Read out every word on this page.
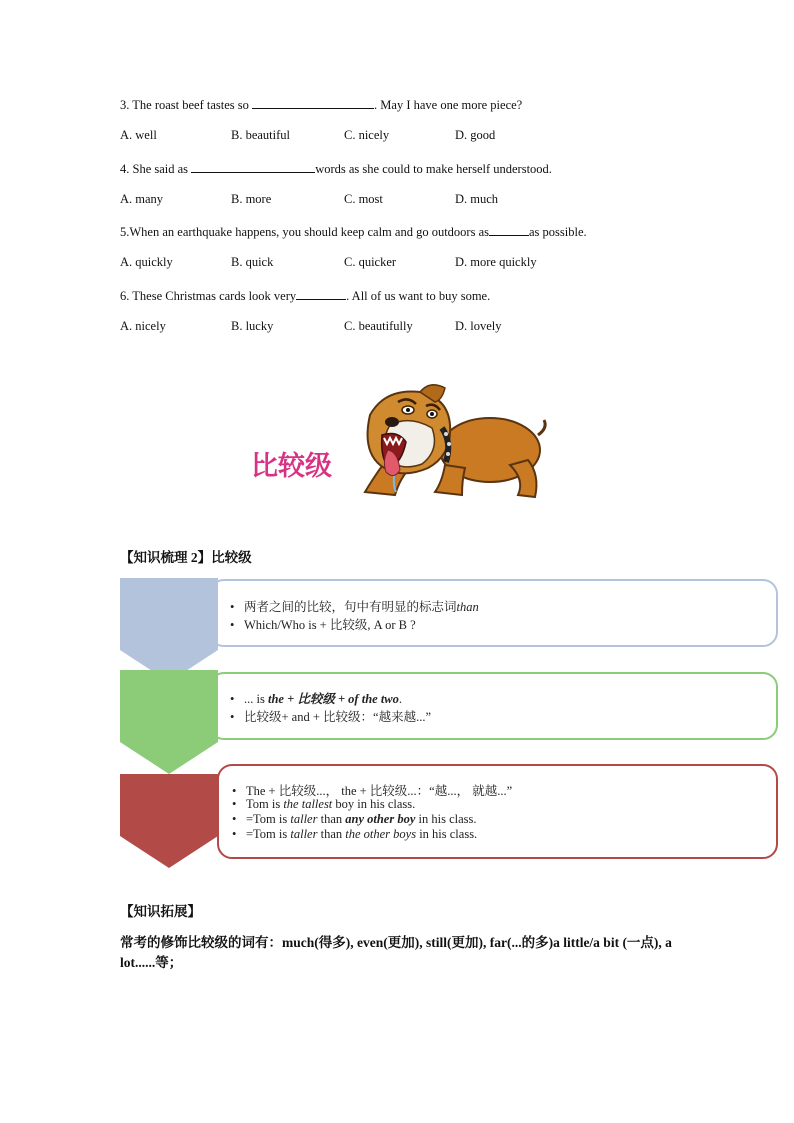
3. The roast beef tastes so	. May I have one more piece?
A. well	B. beautiful	C. nicely	D. good
4. She said as	words as she could to make herself understood.
A. many	B. more	C. most	D. much
5.When an earthquake happens, you should keep calm and go outdoors as	as possible.
A. quickly	B. quick	C. quicker	D. more quickly
6. These Christmas cards look very	. All of us want to buy some.
A. nicely	B. lucky	C. beautifully	D. lovely
比较级
【知识梳理 2】比较级
• 两者之间的比较，句中有明显的标志词than
• Which/Who is + 比较级, A or B ?
• ... is the + 比较级 + of the two.
• 比较级+ and + 比较级：“越来越...”
• The + 比较级...， the + 比较级...：“越...， 就越...”
• Tom is the tallest boy in his class.
• =Tom is taller than any other boy in his class.
• =Tom is taller than the other boys in his class.
【知识拓展】
常考的修饰比较级的词有：much(得多), even(更加), still(更加), far(...的多)a little/a bit (一点), a lot......等；
